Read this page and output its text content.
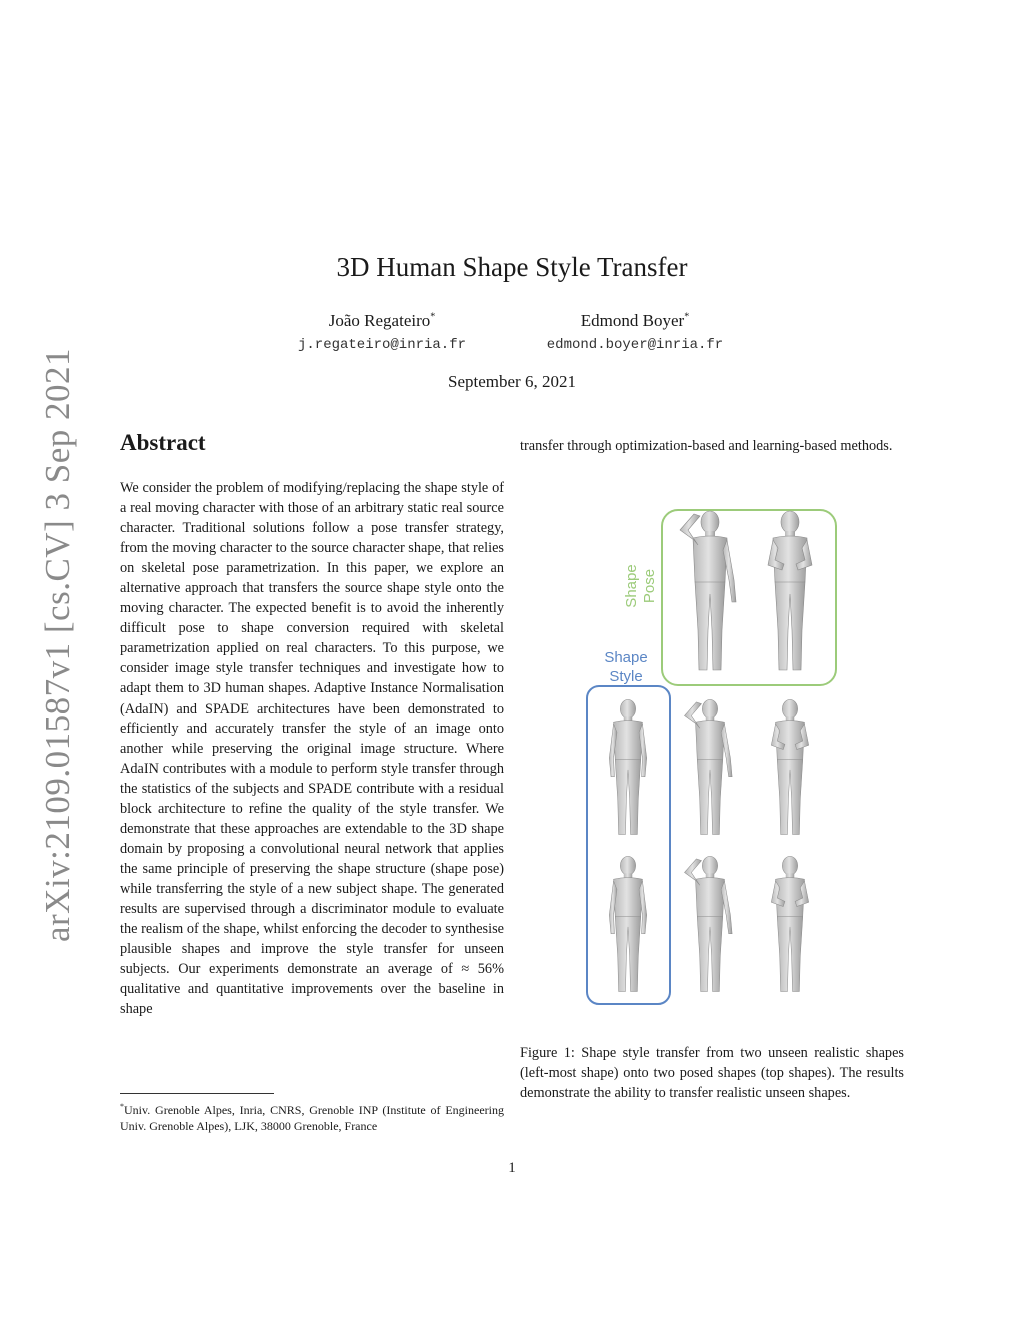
arXiv:2109.01587v1 [cs.CV] 3 Sep 2021
3D Human Shape Style Transfer
João Regateiro*
j.regateiro@inria.fr
Edmond Boyer*
edmond.boyer@inria.fr
September 6, 2021
Abstract

We consider the problem of modifying/replacing the shape style of a real moving character with those of an arbitrary static real source character. Traditional solutions follow a pose transfer strategy, from the moving character to the source character shape, that relies on skeletal pose parametrization. In this paper, we explore an alternative approach that transfers the source shape style onto the moving character. The expected benefit is to avoid the inherently difficult pose to shape conversion required with skeletal parametrization applied on real characters. To this purpose, we consider image style transfer techniques and investigate how to adapt them to 3D human shapes. Adaptive Instance Normalisation (AdaIN) and SPADE architectures have been demonstrated to efficiently and accurately transfer the style of an image onto another while preserving the original image structure. Where AdaIN contributes with a module to perform style transfer through the statistics of the subjects and SPADE contribute with a residual block architecture to refine the quality of the style transfer. We demonstrate that these approaches are extendable to the 3D shape domain by proposing a convolutional neural network that applies the same principle of preserving the shape structure (shape pose) while transferring the style of a new subject shape. The generated results are supervised through a discriminator module to evaluate the realism of the shape, whilst enforcing the decoder to synthesise plausible shapes and improve the style transfer for unseen subjects. Our experiments demonstrate an average of ≈ 56% qualitative and quantitative improvements over the baseline in shape

*Univ. Grenoble Alpes, Inria, CNRS, Grenoble INP (Institute of Engineering Univ. Grenoble Alpes), LJK, 38000 Grenoble, France

transfer through optimization-based and learning-based methods.

Shape Pose
Shape
Style

Figure 1: Shape style transfer from two unseen realistic shapes (left-most shape) onto two posed shapes (top shapes). The results demonstrate the ability to transfer realistic unseen shapes.

1
